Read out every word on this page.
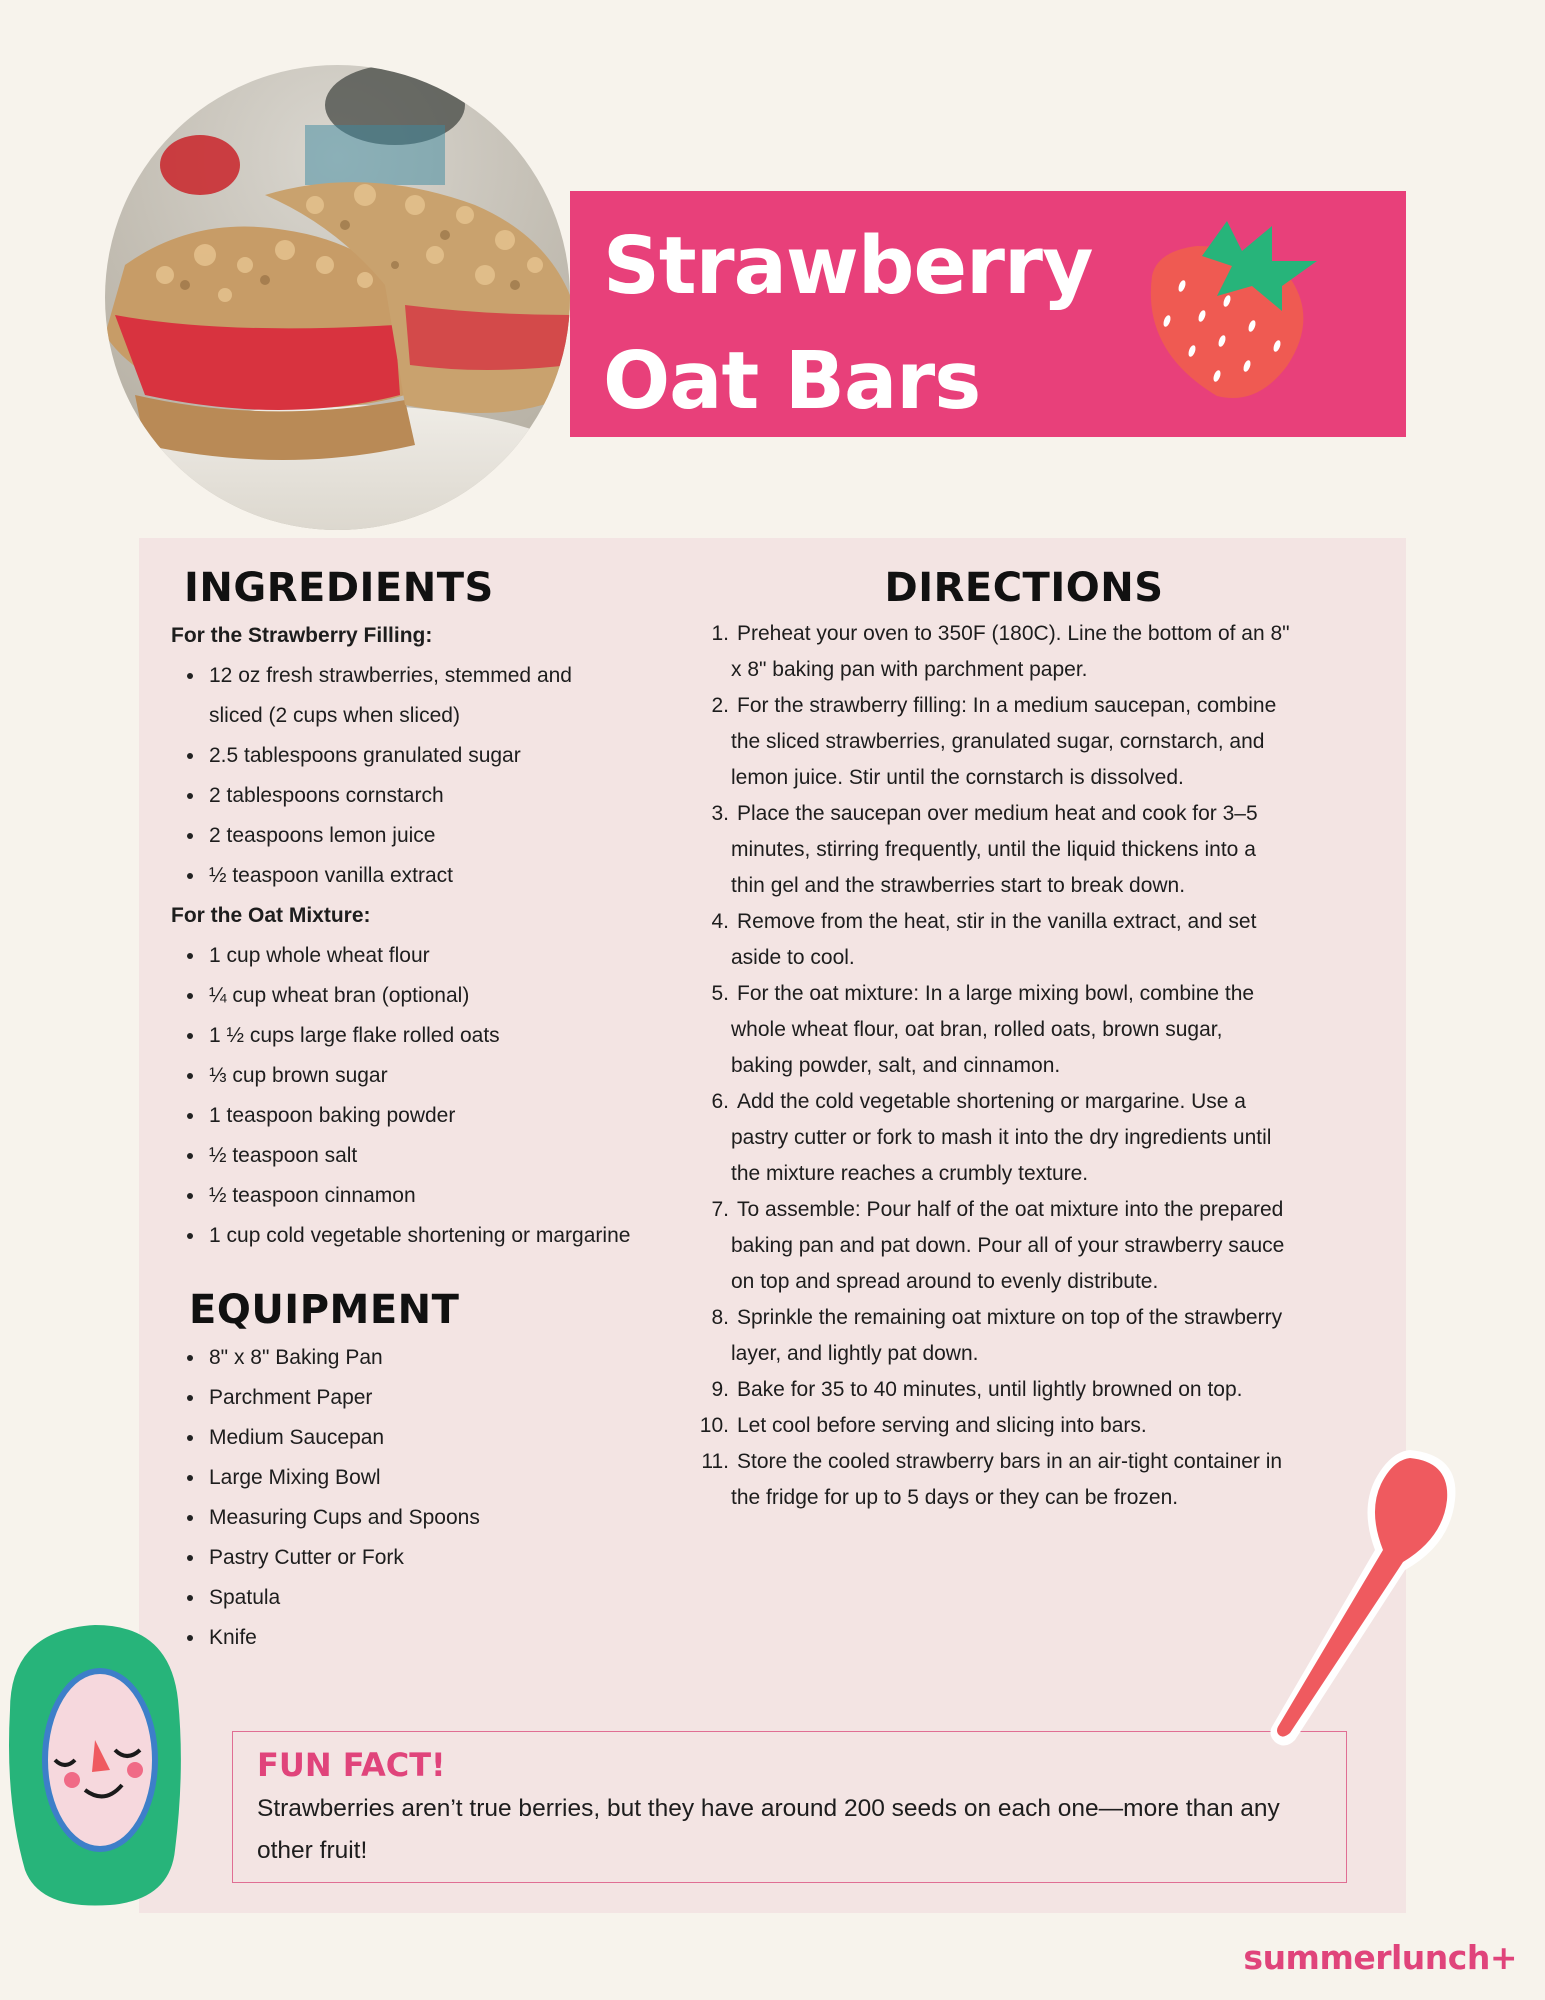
Strawberry
Oat Bars
INGREDIENTS
For the Strawberry Filling:
12 oz fresh strawberries, stemmed and sliced (2 cups when sliced)
2.5 tablespoons granulated sugar
2 tablespoons cornstarch
2 teaspoons lemon juice
½ teaspoon vanilla extract
For the Oat Mixture:
1 cup whole wheat flour
¼ cup wheat bran (optional)
1 ½ cups large flake rolled oats
⅓ cup brown sugar
1 teaspoon baking powder
½ teaspoon salt
½ teaspoon cinnamon
1 cup cold vegetable shortening or margarine
EQUIPMENT
8" x 8" Baking Pan
Parchment Paper
Medium Saucepan
Large Mixing Bowl
Measuring Cups and Spoons
Pastry Cutter or Fork
Spatula
Knife
DIRECTIONS
1. Preheat your oven to 350F (180C). Line the bottom of an 8"
x 8" baking pan with parchment paper.
2. For the strawberry filling: In a medium saucepan, combine
the sliced strawberries, granulated sugar, cornstarch, and
lemon juice. Stir until the cornstarch is dissolved.
3. Place the saucepan over medium heat and cook for 3–5
minutes, stirring frequently, until the liquid thickens into a
thin gel and the strawberries start to break down.
4. Remove from the heat, stir in the vanilla extract, and set
aside to cool.
5. For the oat mixture: In a large mixing bowl, combine the
whole wheat flour, oat bran, rolled oats, brown sugar,
baking powder, salt, and cinnamon.
6. Add the cold vegetable shortening or margarine. Use a
pastry cutter or fork to mash it into the dry ingredients until
the mixture reaches a crumbly texture.
7. To assemble: Pour half of the oat mixture into the prepared
baking pan and pat down. Pour all of your strawberry sauce
on top and spread around to evenly distribute.
8. Sprinkle the remaining oat mixture on top of the strawberry
layer, and lightly pat down.
9. Bake for 35 to 40 minutes, until lightly browned on top.
10. Let cool before serving and slicing into bars.
11. Store the cooled strawberry bars in an air-tight container in
the fridge for up to 5 days or they can be frozen.
FUN FACT!
Strawberries aren’t true berries, but they have around 200 seeds on each one—more than any other fruit!
summerlunch+
